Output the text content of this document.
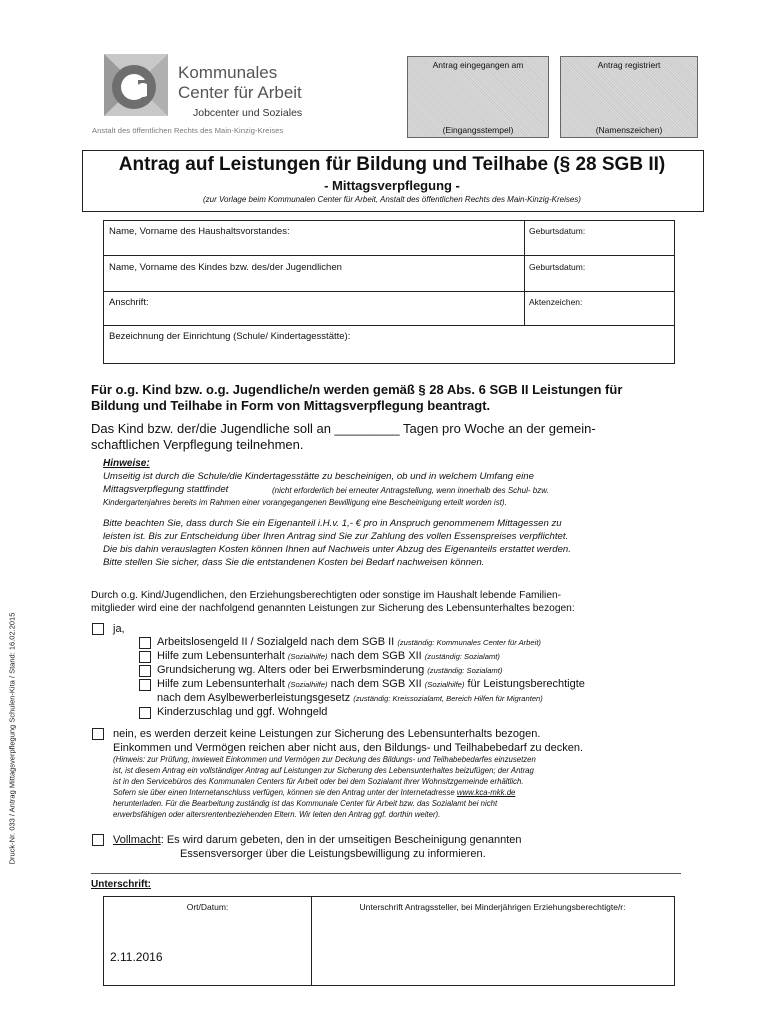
Kommunales
Center für Arbeit
Jobcenter und Soziales
Anstalt des öffentlichen Rechts des Main-Kinzig-Kreises
Antrag eingegangen am
(Eingangsstempel)
Antrag registriert
(Namenszeichen)
Antrag auf Leistungen für Bildung und Teilhabe (§ 28 SGB II)
- Mittagsverpflegung -
(zur Vorlage beim Kommunalen Center für Arbeit, Anstalt des öffentlichen Rechts des Main-Kinzig-Kreises)
Name, Vorname des Haushaltsvorstandes:	Geburtsdatum:
Name, Vorname des Kindes bzw. des/der Jugendlichen	Geburtsdatum:
Anschrift:	Aktenzeichen:
Bezeichnung der Einrichtung (Schule/ Kindertagesstätte):
Für o.g. Kind bzw. o.g. Jugendliche/n werden gemäß § 28 Abs. 6 SGB II Leistungen für
Bildung und Teilhabe in Form von Mittagsverpflegung beantragt.
Das Kind bzw. der/die Jugendliche soll an _________ Tagen pro Woche an der gemein-
schaftlichen Verpflegung teilnehmen.
Hinweise:
Umseitig ist durch die Schule/die Kindertagesstätte zu bescheinigen, ob und in welchem Umfang eine
Mittagsverpflegung stattfindet	(nicht erforderlich bei erneuter Antragstellung, wenn innerhalb des Schul- bzw.
Kindergartenjahres bereits im Rahmen einer vorangegangenen Bewilligung eine Bescheinigung erteilt worden ist).
Bitte beachten Sie, dass durch Sie ein Eigenanteil i.H.v. 1,- € pro in Anspruch genommenem Mittagessen zu
leisten ist. Bis zur Entscheidung über Ihren Antrag sind Sie zur Zahlung des vollen Essenspreises verpflichtet.
Die bis dahin verauslagten Kosten können Ihnen auf Nachweis unter Abzug des Eigenanteils erstattet werden.
Bitte stellen Sie sicher, dass Sie die entstandenen Kosten bei Bedarf nachweisen können.
Durch o.g. Kind/Jugendlichen, den Erziehungsberechtigten oder sonstige im Haushalt lebende Familien-
mitglieder wird eine der nachfolgend genannten Leistungen zur Sicherung des Lebensunterhaltes bezogen:
ja,
Arbeitslosengeld II / Sozialgeld nach dem SGB II (zuständig: Kommunales Center für Arbeit)
Hilfe zum Lebensunterhalt (Sozialhilfe) nach dem SGB XII (zuständig: Sozialamt)
Grundsicherung wg. Alters oder bei Erwerbsminderung (zuständig: Sozialamt)
Hilfe zum Lebensunterhalt (Sozialhilfe) nach dem SGB XII (Sozialhilfe) für Leistungsberechtigte
nach dem Asylbewerberleistungsgesetz (zuständig: Kreissozialamt, Bereich Hilfen für Migranten)
Kinderzuschlag und ggf. Wohngeld
nein, es werden derzeit keine Leistungen zur Sicherung des Lebensunterhalts bezogen.
Einkommen und Vermögen reichen aber nicht aus, den Bildungs- und Teilhabebedarf zu decken.
(Hinweis: zur Prüfung, inwieweit Einkommen und Vermögen zur Deckung des Bildungs- und Teilhabebedarfes einzusetzen
ist, ist diesem Antrag ein vollständiger Antrag auf Leistungen zur Sicherung des Lebensunterhaltes beizufügen; der Antrag
ist in den Servicebüros des Kommunalen Centers für Arbeit oder bei dem Sozialamt ihrer Wohnsitzgemeinde erhältlich.
Sofern sie über einen Internetanschluss verfügen, können sie den Antrag unter der Internetadresse www.kca-mkk.de
herunterladen. Für die Bearbeitung zuständig ist das Kommunale Center für Arbeit bzw. das Sozialamt bei nicht
erwerbsfähigen oder altersrentenbeziehenden Eltern. Wir leiten den Antrag ggf. dorthin weiter).
Vollmacht: Es wird darum gebeten, den in der umseitigen Bescheinigung genannten
Essensversorger über die Leistungsbewilligung zu informieren.
Unterschrift:
Ort/Datum:	Unterschrift Antragssteller, bei Minderjährigen Erziehungsberechtigte/r:
2.11.2016
Druck-Nr. 033 / Antrag Mittagsverpflegung Schulen-Kita / Stand: 16.02.2015
